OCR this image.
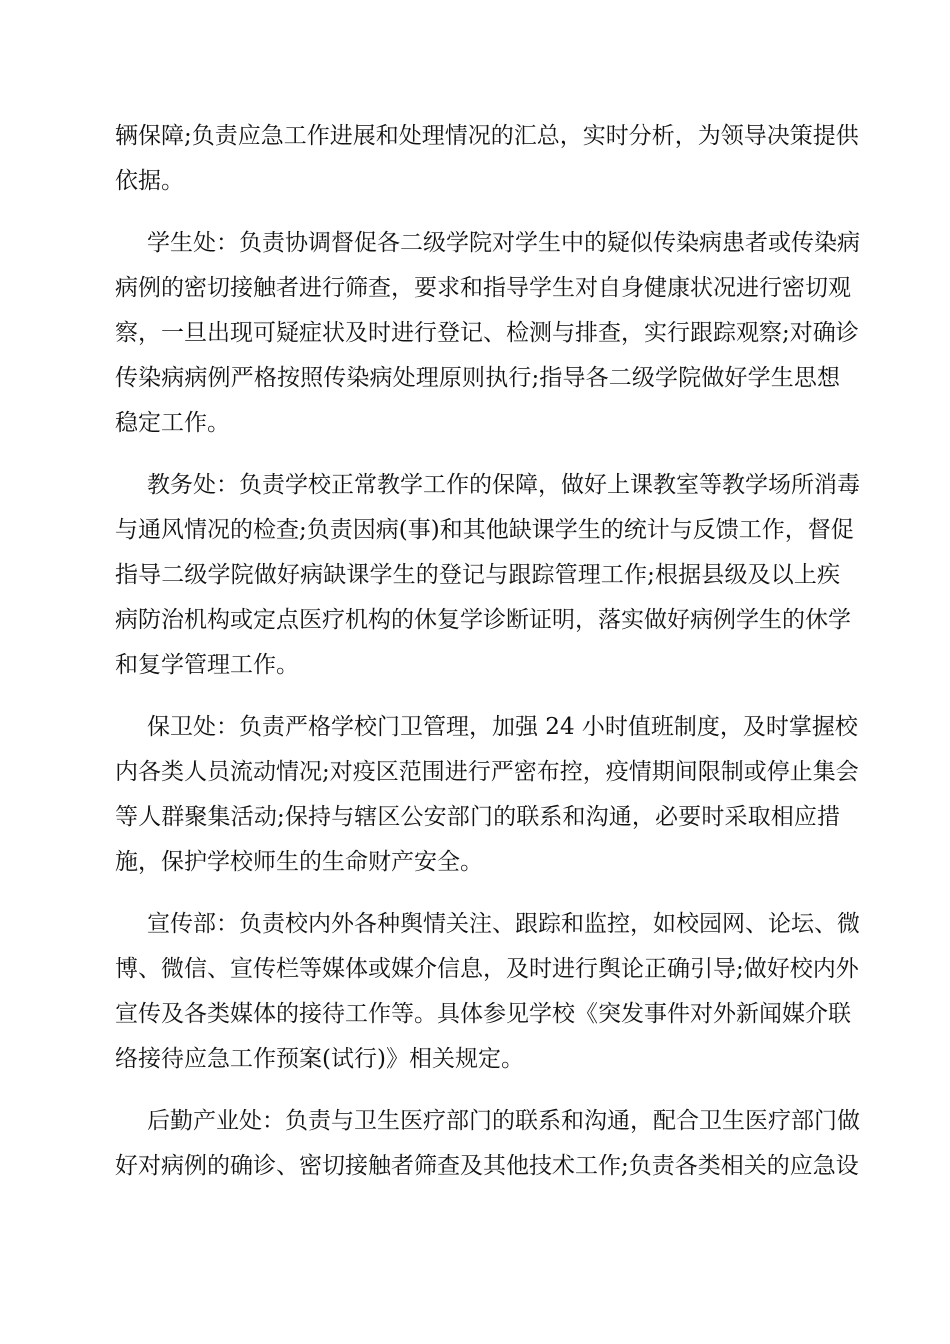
辆保障;负责应急工作进展和处理情况的汇总，实时分析，为领导决策提供
依据。
学生处：负责协调督促各二级学院对学生中的疑似传染病患者或传染病
病例的密切接触者进行筛查，要求和指导学生对自身健康状况进行密切观
察，一旦出现可疑症状及时进行登记、检测与排查，实行跟踪观察;对确诊
传染病病例严格按照传染病处理原则执行;指导各二级学院做好学生思想
稳定工作。
教务处：负责学校正常教学工作的保障，做好上课教室等教学场所消毒
与通风情况的检查;负责因病(事)和其他缺课学生的统计与反馈工作，督促
指导二级学院做好病缺课学生的登记与跟踪管理工作;根据县级及以上疾
病防治机构或定点医疗机构的休复学诊断证明，落实做好病例学生的休学
和复学管理工作。
保卫处：负责严格学校门卫管理，加强 24 小时值班制度，及时掌握校
内各类人员流动情况;对疫区范围进行严密布控，疫情期间限制或停止集会
等人群聚集活动;保持与辖区公安部门的联系和沟通，必要时采取相应措
施，保护学校师生的生命财产安全。
宣传部：负责校内外各种舆情关注、跟踪和监控，如校园网、论坛、微
博、微信、宣传栏等媒体或媒介信息，及时进行舆论正确引导;做好校内外
宣传及各类媒体的接待工作等。具体参见学校《突发事件对外新闻媒介联
络接待应急工作预案(试行)》相关规定。
后勤产业处：负责与卫生医疗部门的联系和沟通，配合卫生医疗部门做
好对病例的确诊、密切接触者筛查及其他技术工作;负责各类相关的应急设
